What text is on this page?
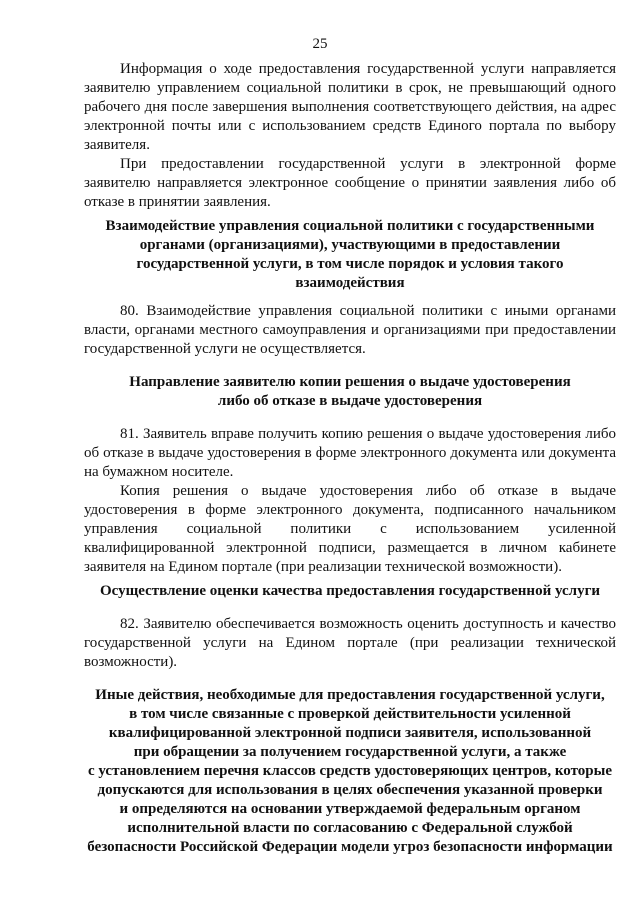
25

Информация о ходе предоставления государственной услуги направляется заявителю управлением социальной политики в срок, не превышающий одного рабочего дня после завершения выполнения соответствующего действия, на адрес электронной почты или с использованием средств Единого портала по выбору заявителя.

При предоставлении государственной услуги в электронной форме заявителю направляется электронное сообщение о принятии заявления либо об отказе в принятии заявления.

Взаимодействие управления социальной политики с государственными
органами (организациями), участвующими в предоставлении
государственной услуги, в том числе порядок и условия такого
взаимодействия

80. Взаимодействие управления социальной политики с иными органами власти, органами местного самоуправления и организациями при предоставлении государственной услуги не осуществляется.

Направление заявителю копии решения о выдаче удостоверения
либо об отказе в выдаче удостоверения

81. Заявитель вправе получить копию решения о выдаче удостоверения либо об отказе в выдаче удостоверения в форме электронного документа или документа на бумажном носителе.

Копия решения о выдаче удостоверения либо об отказе в выдаче удостоверения в форме электронного документа, подписанного начальником управления социальной политики с использованием усиленной квалифицированной электронной подписи, размещается в личном кабинете заявителя на Едином портале (при реализации технической возможности).

Осуществление оценки качества предоставления государственной услуги

82. Заявителю обеспечивается возможность оценить доступность и качество государственной услуги на Едином портале (при реализации технической возможности).

Иные действия, необходимые для предоставления государственной услуги,
в том числе связанные с проверкой действительности усиленной
квалифицированной электронной подписи заявителя, использованной
при обращении за получением государственной услуги, а также
с установлением перечня классов средств удостоверяющих центров, которые
допускаются для использования в целях обеспечения указанной проверки
и определяются на основании утверждаемой федеральным органом
исполнительной власти по согласованию с Федеральной службой
безопасности Российской Федерации модели угроз безопасности информации
